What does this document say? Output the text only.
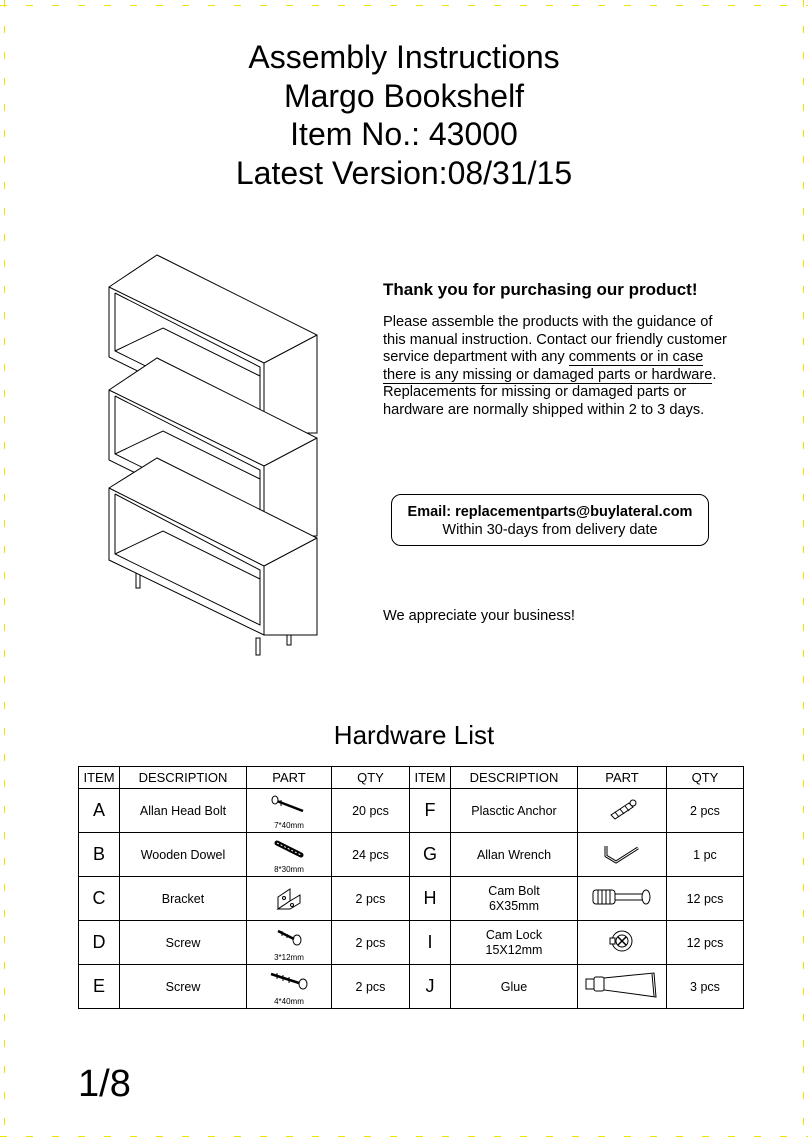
Assembly Instructions
Margo Bookshelf
Item No.: 43000
Latest Version:08/31/15
Thank you for purchasing our product!
Please assemble the products with the guidance of this manual instruction. Contact our friendly customer service department with any comments or in case there is any missing or damaged parts or hardware. Replacements for missing or damaged parts or hardware are normally shipped within 2 to 3 days.
Email: replacementparts@buylateral.com
Within 30-days from delivery date
We appreciate your business!
Hardware List
ITEM	DESCRIPTION	PART	QTY	ITEM	DESCRIPTION	PART	QTY
A	Allan Head Bolt	7*40mm	20 pcs	F	Plasctic Anchor		2 pcs
B	Wooden Dowel	8*30mm	24 pcs	G	Allan Wrench		1 pc
C	Bracket		2 pcs	H	Cam Bolt
6X35mm		12 pcs
D	Screw	3*12mm	2 pcs	I	Cam Lock
15X12mm		12 pcs
E	Screw	4*40mm	2 pcs	J	Glue		3 pcs
1/8
